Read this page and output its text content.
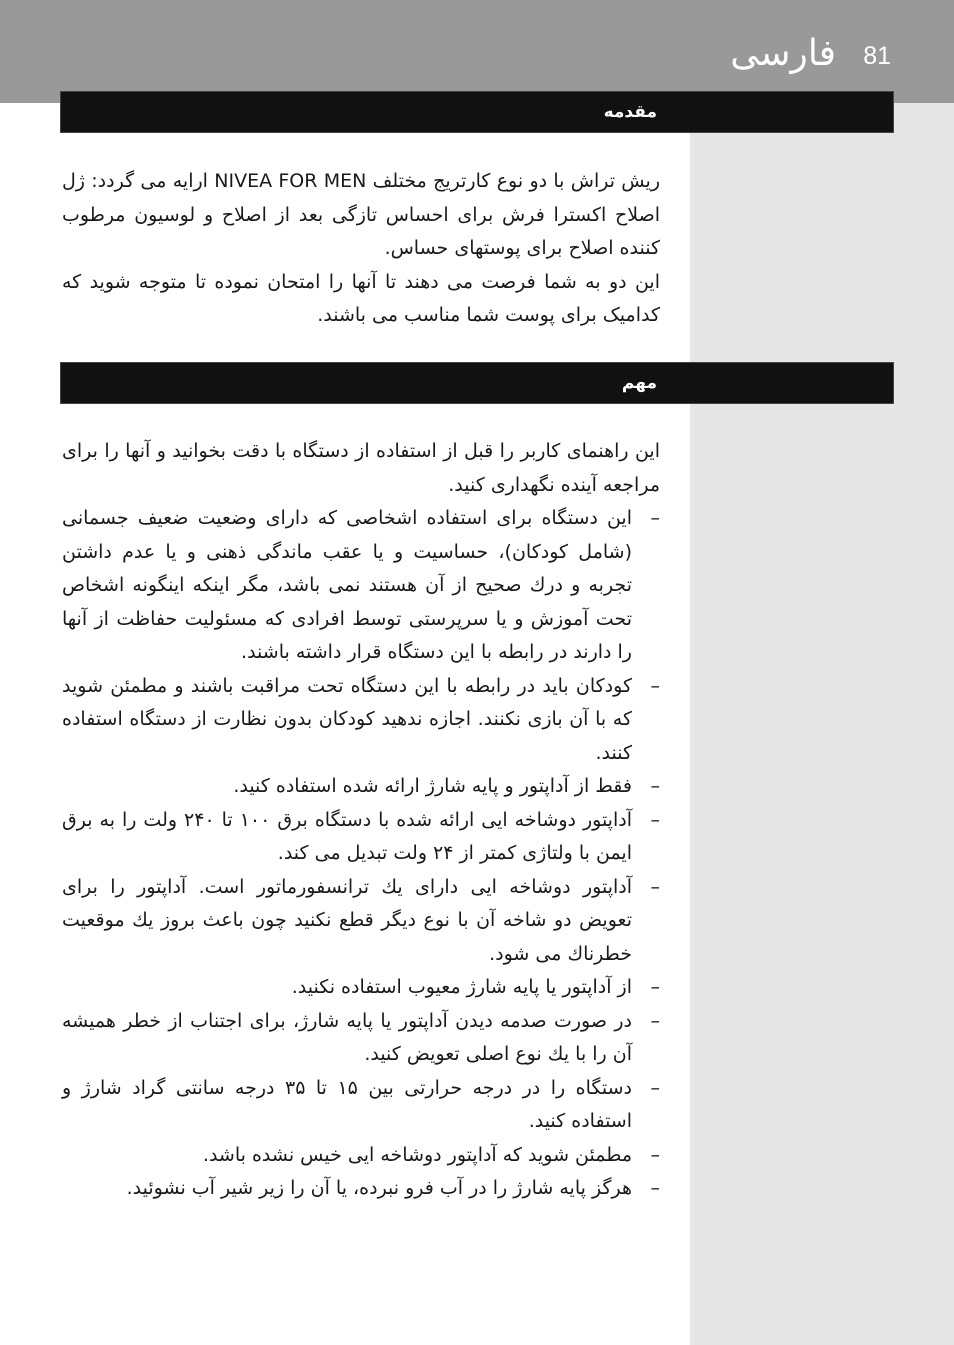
فارسی 81
مقدمه

ریش تراش با دو نوع کارتریج مختلف NIVEA FOR MEN ارایه می گردد: ژل اصلاح اکسترا فرش برای احساس تازگی بعد از اصلاح و لوسیون مرطوب کننده اصلاح برای پوستهای حساس.

این دو به شما فرصت می دهند تا آنها را امتحان نموده تا متوجه شوید که کدامیک برای پوست شما مناسب می باشند.

مهم

این راهنمای کاربر را قبل از استفاده از دستگاه با دقت بخوانید و آنها را برای مراجعه آینده نگهداری کنید.

–
این دستگاه برای استفاده اشخاصی که دارای وضعیت ضعیف جسمانی (شامل کودکان)، حساسیت و یا عقب ماندگی ذهنی و یا عدم داشتن تجربه و درك صحیح از آن هستند نمی باشد، مگر اینکه اینگونه اشخاص تحت آموزش و یا سرپرستی توسط افرادی که مسئولیت حفاظت از آنها را دارند در رابطه با این دستگاه قرار داشته باشند.
–
کودکان باید در رابطه با این دستگاه تحت مراقبت باشند و مطمئن شوید که با آن بازی نکنند. اجازه ندهید کودکان بدون نظارت از دستگاه استفاده کنند.
–
فقط از آداپتور و پایه شارژ ارائه شده استفاده کنید.
–
آداپتور دوشاخه ایی ارائه شده با دستگاه برق ۱۰۰ تا ۲۴۰ ولت را به برق ایمن با ولتاژی کمتر از ۲۴ ولت تبدیل می کند.
–
آداپتور دوشاخه ایی دارای يك ترانسفورماتور است. آداپتور را برای تعویض دو شاخه آن با نوع دیگر قطع نکنید چون باعث بروز يك موقعیت خطرناك می شود.
–
از آداپتور یا پایه شارژ معیوب استفاده نکنید.
–
در صورت صدمه دیدن آداپتور یا پایه شارژ، برای اجتناب از خطر همیشه آن را با يك نوع اصلی تعویض کنید.
–
دستگاه را در درجه حرارتی بین ۱۵ تا ۳۵ درجه سانتی گراد شارژ و استفاده کنید.
–
مطمئن شوید که آداپتور دوشاخه ایی خیس نشده باشد.
–
هرگز پایه شارژ را در آب فرو نبرده، یا آن را زیر شیر آب نشوئید.
